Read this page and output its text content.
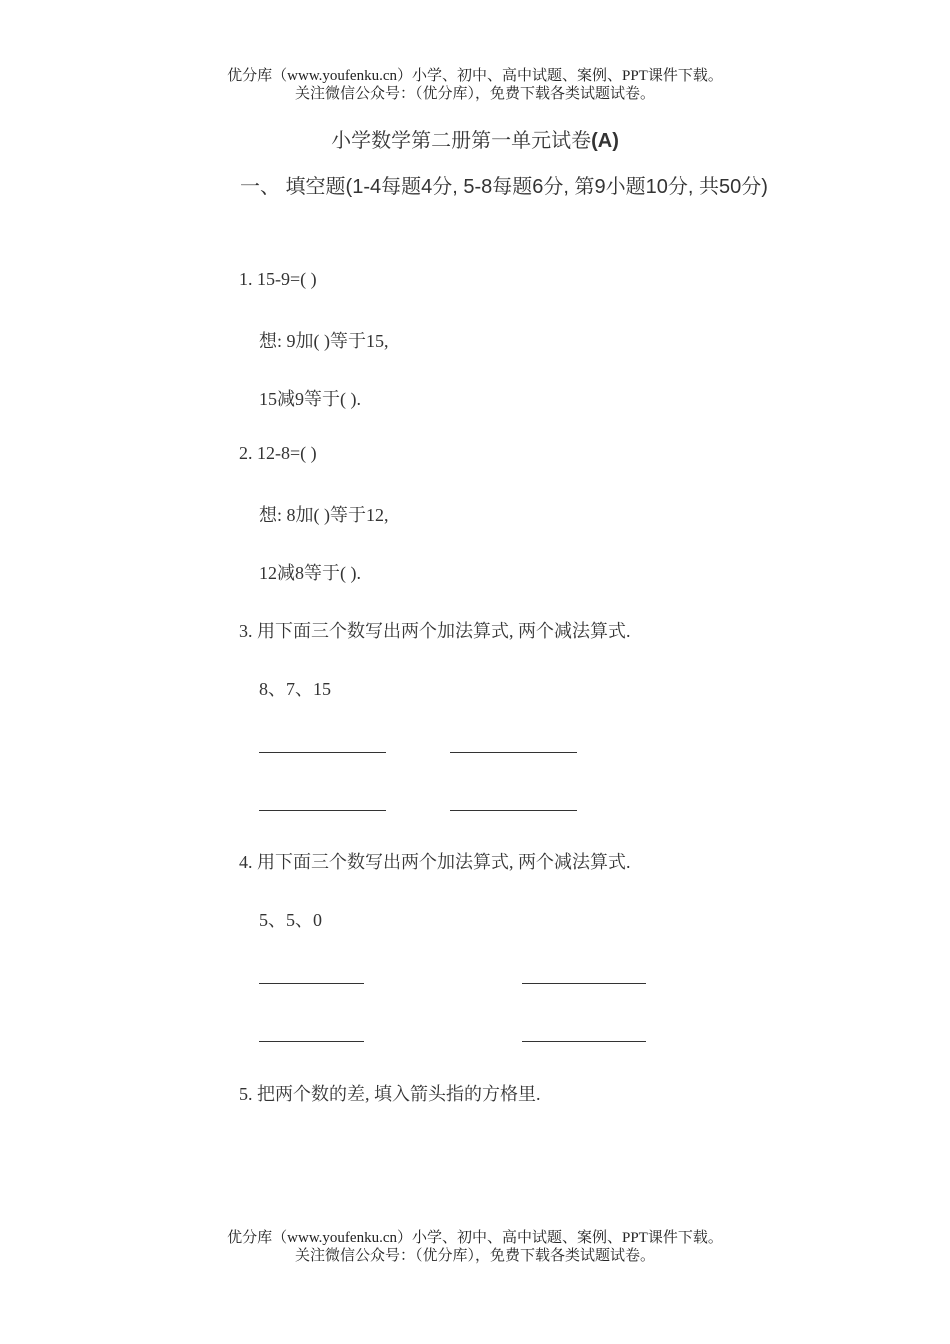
优分库（www.youfenku.cn）小学、初中、高中试题、案例、PPT课件下载。
关注微信公众号：（优分库），免费下载各类试题试卷。
小学数学第二册第一单元试卷(A)
一、 填空题(1-4每题4分, 5-8每题6分, 第9小题10分, 共50分)
1. 15-9=( )
想: 9加( )等于15,
15减9等于( ).
2. 12-8=( )
想: 8加( )等于12,
12减8等于( ).
3. 用下面三个数写出两个加法算式, 两个减法算式.
8、7、15
4. 用下面三个数写出两个加法算式, 两个减法算式.
5、5、0
5. 把两个数的差, 填入箭头指的方格里.
优分库（www.youfenku.cn）小学、初中、高中试题、案例、PPT课件下载。
关注微信公众号：（优分库），免费下载各类试题试卷。
